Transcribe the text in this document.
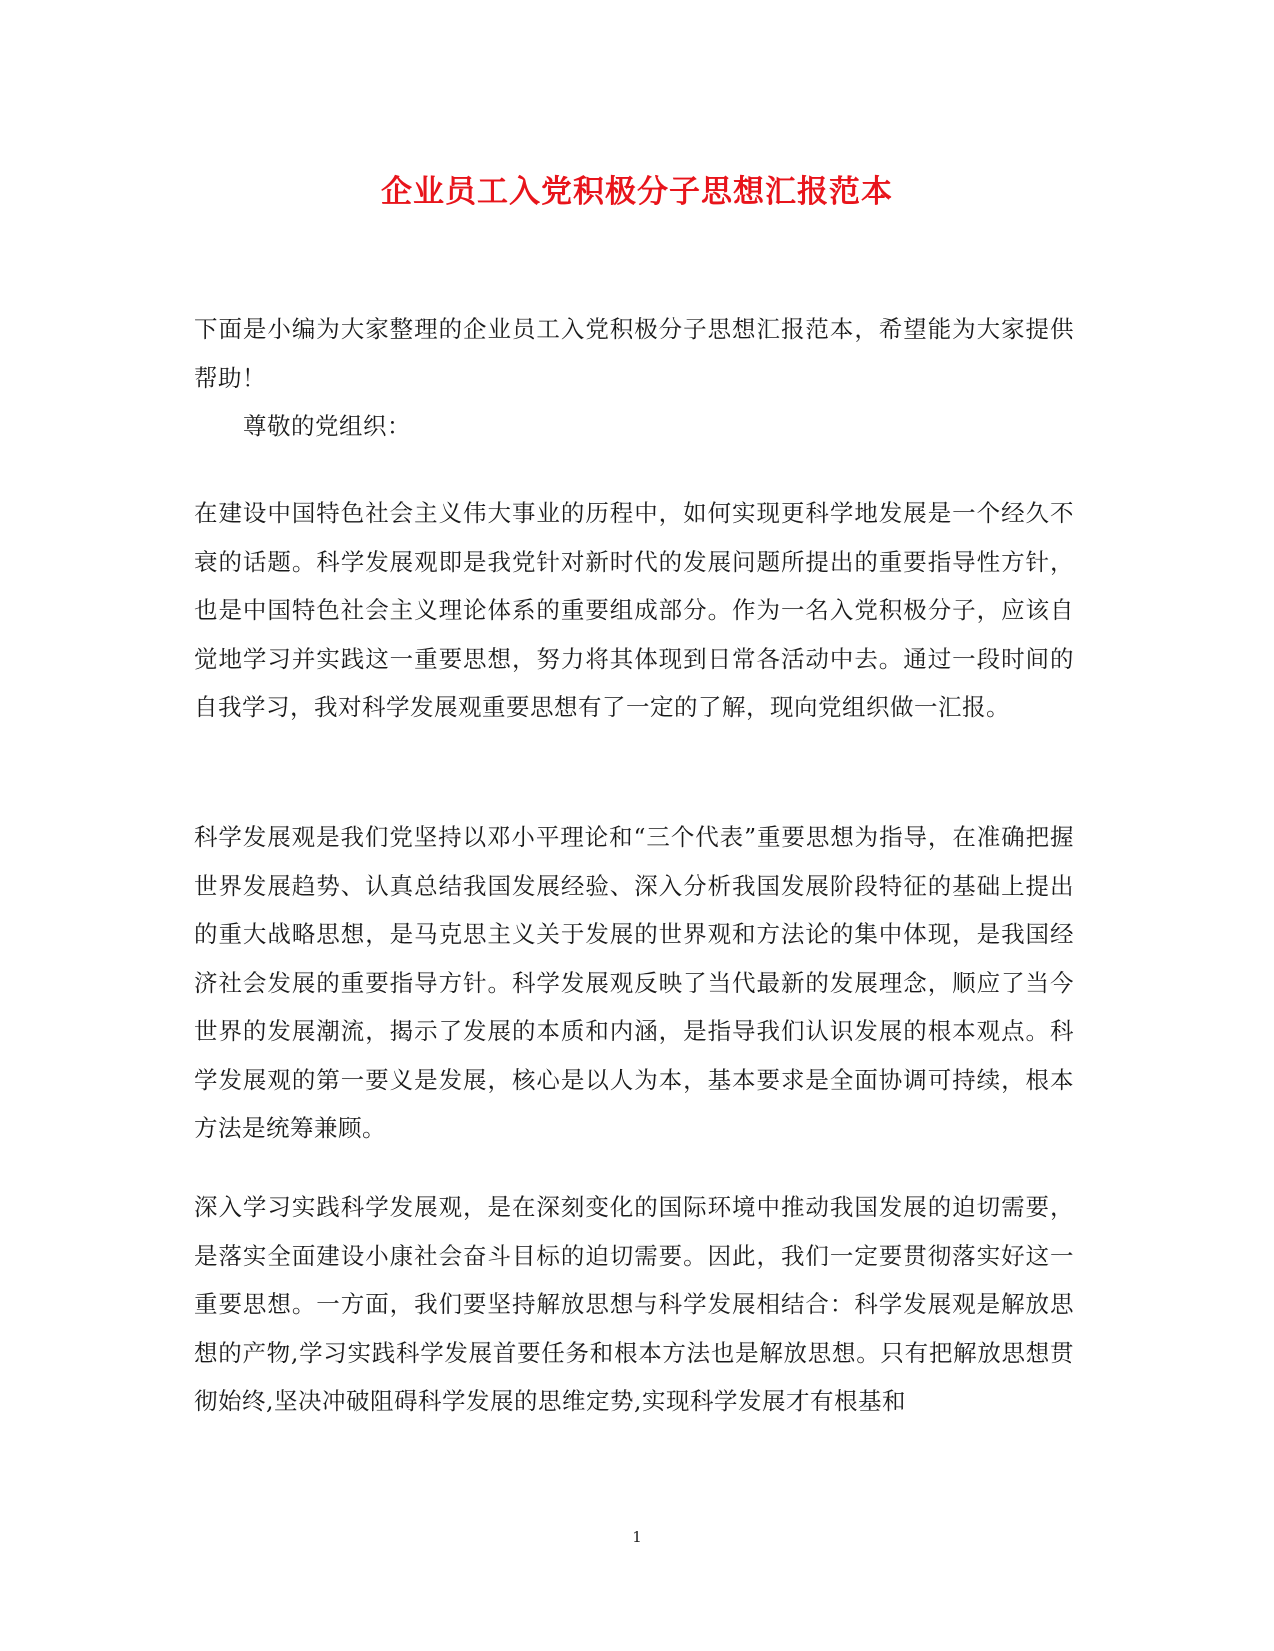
企业员工入党积极分子思想汇报范本

下面是小编为大家整理的企业员工入党积极分子思想汇报范本，希望能为大家提供帮助！

尊敬的党组织：

在建设中国特色社会主义伟大事业的历程中，如何实现更科学地发展是一个经久不衰的话题。科学发展观即是我党针对新时代的发展问题所提出的重要指导性方针，也是中国特色社会主义理论体系的重要组成部分。作为一名入党积极分子，应该自觉地学习并实践这一重要思想，努力将其体现到日常各活动中去。通过一段时间的自我学习，我对科学发展观重要思想有了一定的了解，现向党组织做一汇报。

科学发展观是我们党坚持以邓小平理论和“三个代表”重要思想为指导，在准确把握世界发展趋势、认真总结我国发展经验、深入分析我国发展阶段特征的基础上提出的重大战略思想，是马克思主义关于发展的世界观和方法论的集中体现，是我国经济社会发展的重要指导方针。科学发展观反映了当代最新的发展理念，顺应了当今世界的发展潮流，揭示了发展的本质和内涵，是指导我们认识发展的根本观点。科学发展观的第一要义是发展，核心是以人为本，基本要求是全面协调可持续，根本方法是统筹兼顾。

深入学习实践科学发展观，是在深刻变化的国际环境中推动我国发展的迫切需要，是落实全面建设小康社会奋斗目标的迫切需要。因此，我们一定要贯彻落实好这一重要思想。一方面，我们要坚持解放思想与科学发展相结合：科学发展观是解放思想的产物,学习实践科学发展首要任务和根本方法也是解放思想。只有把解放思想贯彻始终,坚决冲破阻碍科学发展的思维定势,实现科学发展才有根基和

1
